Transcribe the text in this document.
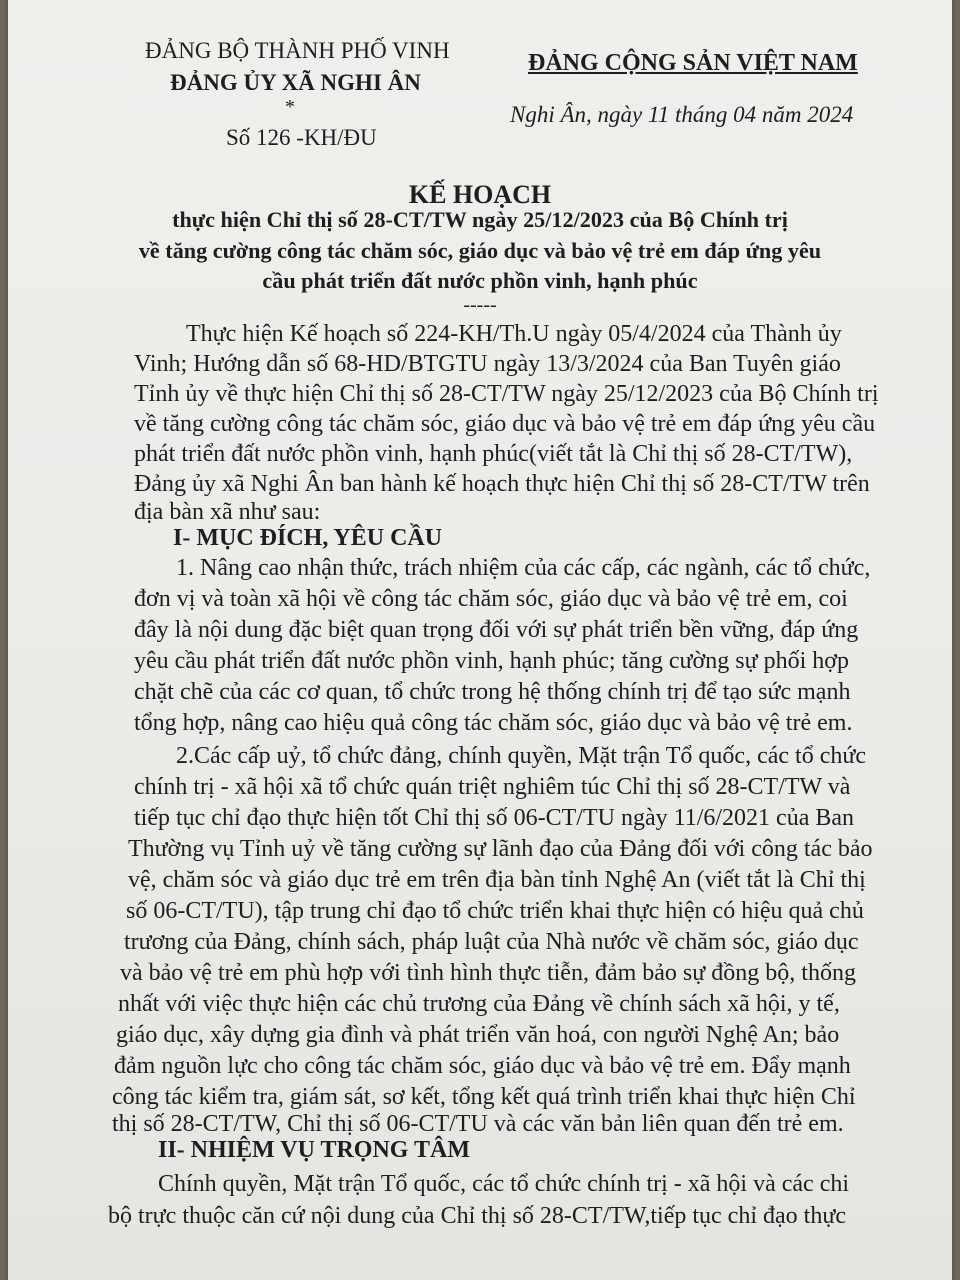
ĐẢNG BỘ THÀNH PHỐ VINH
ĐẢNG ỦY XÃ NGHI ÂN
*
Số 126 -KH/ĐU
ĐẢNG CỘNG SẢN VIỆT NAM
Nghi Ân, ngày 11 tháng 04 năm 2024
KẾ HOẠCH
thực hiện Chỉ thị số 28-CT/TW ngày 25/12/2023 của Bộ Chính trị
về tăng cường công tác chăm sóc, giáo dục và bảo vệ trẻ em đáp ứng yêu
cầu phát triển đất nước phồn vinh, hạnh phúc
-----
Thực hiện Kế hoạch số 224-KH/Th.U ngày 05/4/2024 của Thành ủy
Vinh; Hướng dẫn số 68-HD/BTGTU ngày 13/3/2024 của Ban Tuyên giáo
Tỉnh ủy về thực hiện Chỉ thị số 28-CT/TW ngày 25/12/2023 của Bộ Chính trị
về tăng cường công tác chăm sóc, giáo dục và bảo vệ trẻ em đáp ứng yêu cầu
phát triển đất nước phồn vinh, hạnh phúc(viết tắt là Chỉ thị số 28-CT/TW),
Đảng ủy xã Nghi Ân ban hành kế hoạch thực hiện Chỉ thị số 28-CT/TW trên
địa bàn xã như sau:
I- MỤC ĐÍCH, YÊU CẦU
1. Nâng cao nhận thức, trách nhiệm của các cấp, các ngành, các tổ chức,
đơn vị và toàn xã hội về công tác chăm sóc, giáo dục và bảo vệ trẻ em, coi
đây là nội dung đặc biệt quan trọng đối với sự phát triển bền vững, đáp ứng
yêu cầu phát triển đất nước phồn vinh, hạnh phúc; tăng cường sự phối hợp
chặt chẽ của các cơ quan, tổ chức trong hệ thống chính trị để tạo sức mạnh
tổng hợp, nâng cao hiệu quả công tác chăm sóc, giáo dục và bảo vệ trẻ em.
2.Các cấp uỷ, tổ chức đảng, chính quyền, Mặt trận Tổ quốc, các tổ chức
chính trị - xã hội xã tổ chức quán triệt nghiêm túc Chỉ thị số 28-CT/TW và
tiếp tục chỉ đạo thực hiện tốt Chỉ thị số 06-CT/TU ngày 11/6/2021 của Ban
Thường vụ Tỉnh uỷ về tăng cường sự lãnh đạo của Đảng đối với công tác bảo
vệ, chăm sóc và giáo dục trẻ em trên địa bàn tỉnh Nghệ An (viết tắt là Chỉ thị
số 06-CT/TU), tập trung chỉ đạo tổ chức triển khai thực hiện có hiệu quả chủ
trương của Đảng, chính sách, pháp luật của Nhà nước về chăm sóc, giáo dục
và bảo vệ trẻ em phù hợp với tình hình thực tiễn, đảm bảo sự đồng bộ, thống
nhất với việc thực hiện các chủ trương của Đảng về chính sách xã hội, y tế,
giáo dục, xây dựng gia đình và phát triển văn hoá, con người Nghệ An; bảo
đảm nguồn lực cho công tác chăm sóc, giáo dục và bảo vệ trẻ em. Đẩy mạnh
công tác kiểm tra, giám sát, sơ kết, tổng kết quá trình triển khai thực hiện Chỉ
thị số 28-CT/TW, Chỉ thị số 06-CT/TU và các văn bản liên quan đến trẻ em.
II- NHIỆM VỤ TRỌNG TÂM
Chính quyền, Mặt trận Tổ quốc, các tổ chức chính trị - xã hội và các chi
bộ trực thuộc căn cứ nội dung của Chỉ thị số 28-CT/TW,tiếp tục chỉ đạo thực
